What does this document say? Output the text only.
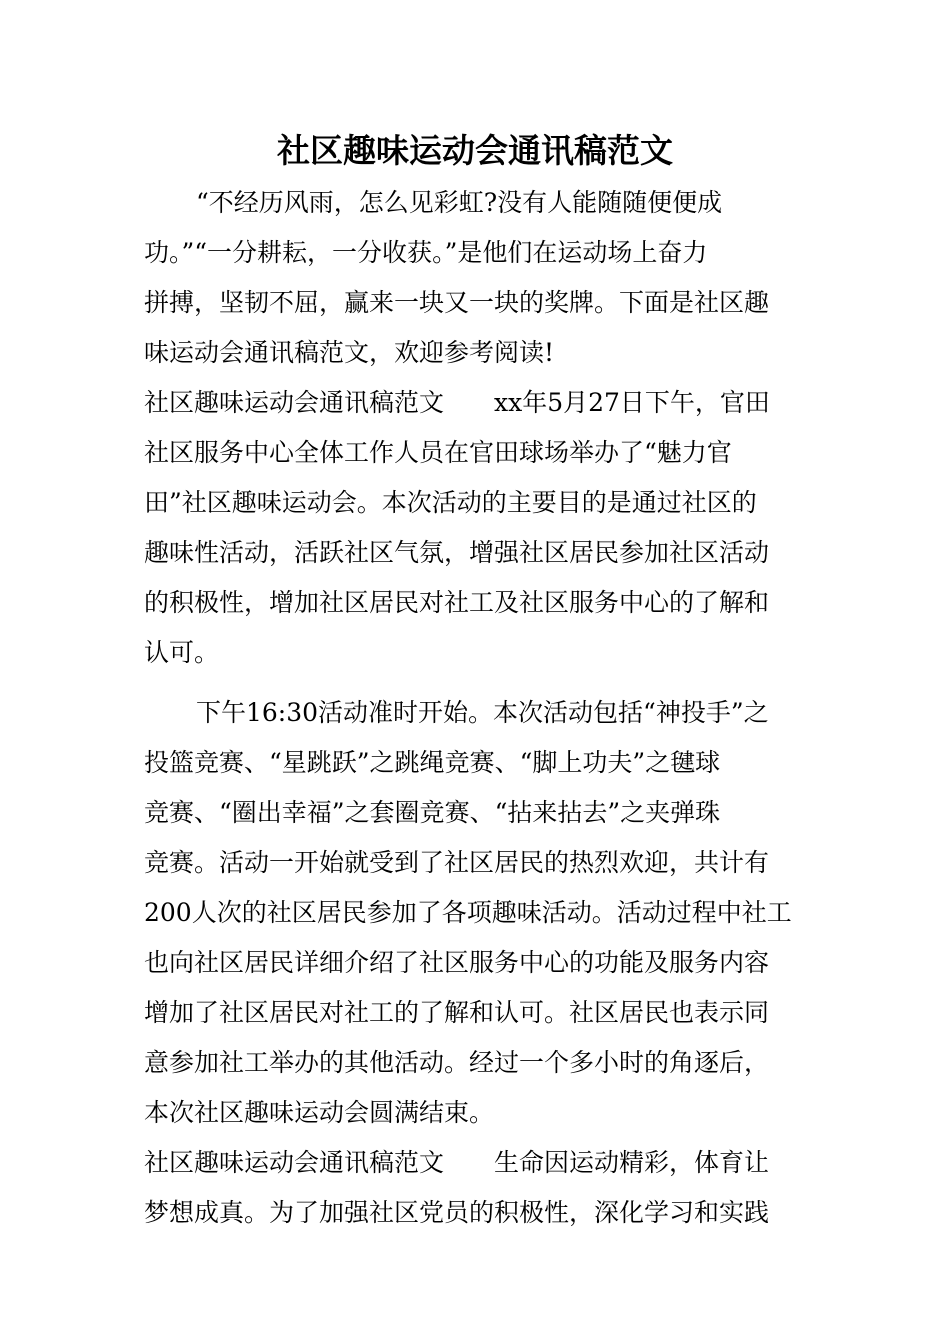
社区趣味运动会通讯稿范文
“不经历风雨，怎么见彩虹?没有人能随随便便成
功。”“一分耕耘，一分收获。”是他们在运动场上奋力
拼搏，坚韧不屈，赢来一块又一块的奖牌。下面是社区趣
味运动会通讯稿范文，欢迎参考阅读!
社区趣味运动会通讯稿范文　　xx年5月27日下午，官田
社区服务中心全体工作人员在官田球场举办了“魅力官
田”社区趣味运动会。本次活动的主要目的是通过社区的
趣味性活动，活跃社区气氛，增强社区居民参加社区活动
的积极性，增加社区居民对社工及社区服务中心的了解和
认可。
下午16:30活动准时开始。本次活动包括“神投手”之
投篮竞赛、“星跳跃”之跳绳竞赛、“脚上功夫”之毽球
竞赛、“圈出幸福”之套圈竞赛、“拈来拈去”之夹弹珠
竞赛。活动一开始就受到了社区居民的热烈欢迎，共计有
200人次的社区居民参加了各项趣味活动。活动过程中社工
也向社区居民详细介绍了社区服务中心的功能及服务内容
增加了社区居民对社工的了解和认可。社区居民也表示同
意参加社工举办的其他活动。经过一个多小时的角逐后，
本次社区趣味运动会圆满结束。
社区趣味运动会通讯稿范文　　生命因运动精彩，体育让
梦想成真。为了加强社区党员的积极性，深化学习和实践
